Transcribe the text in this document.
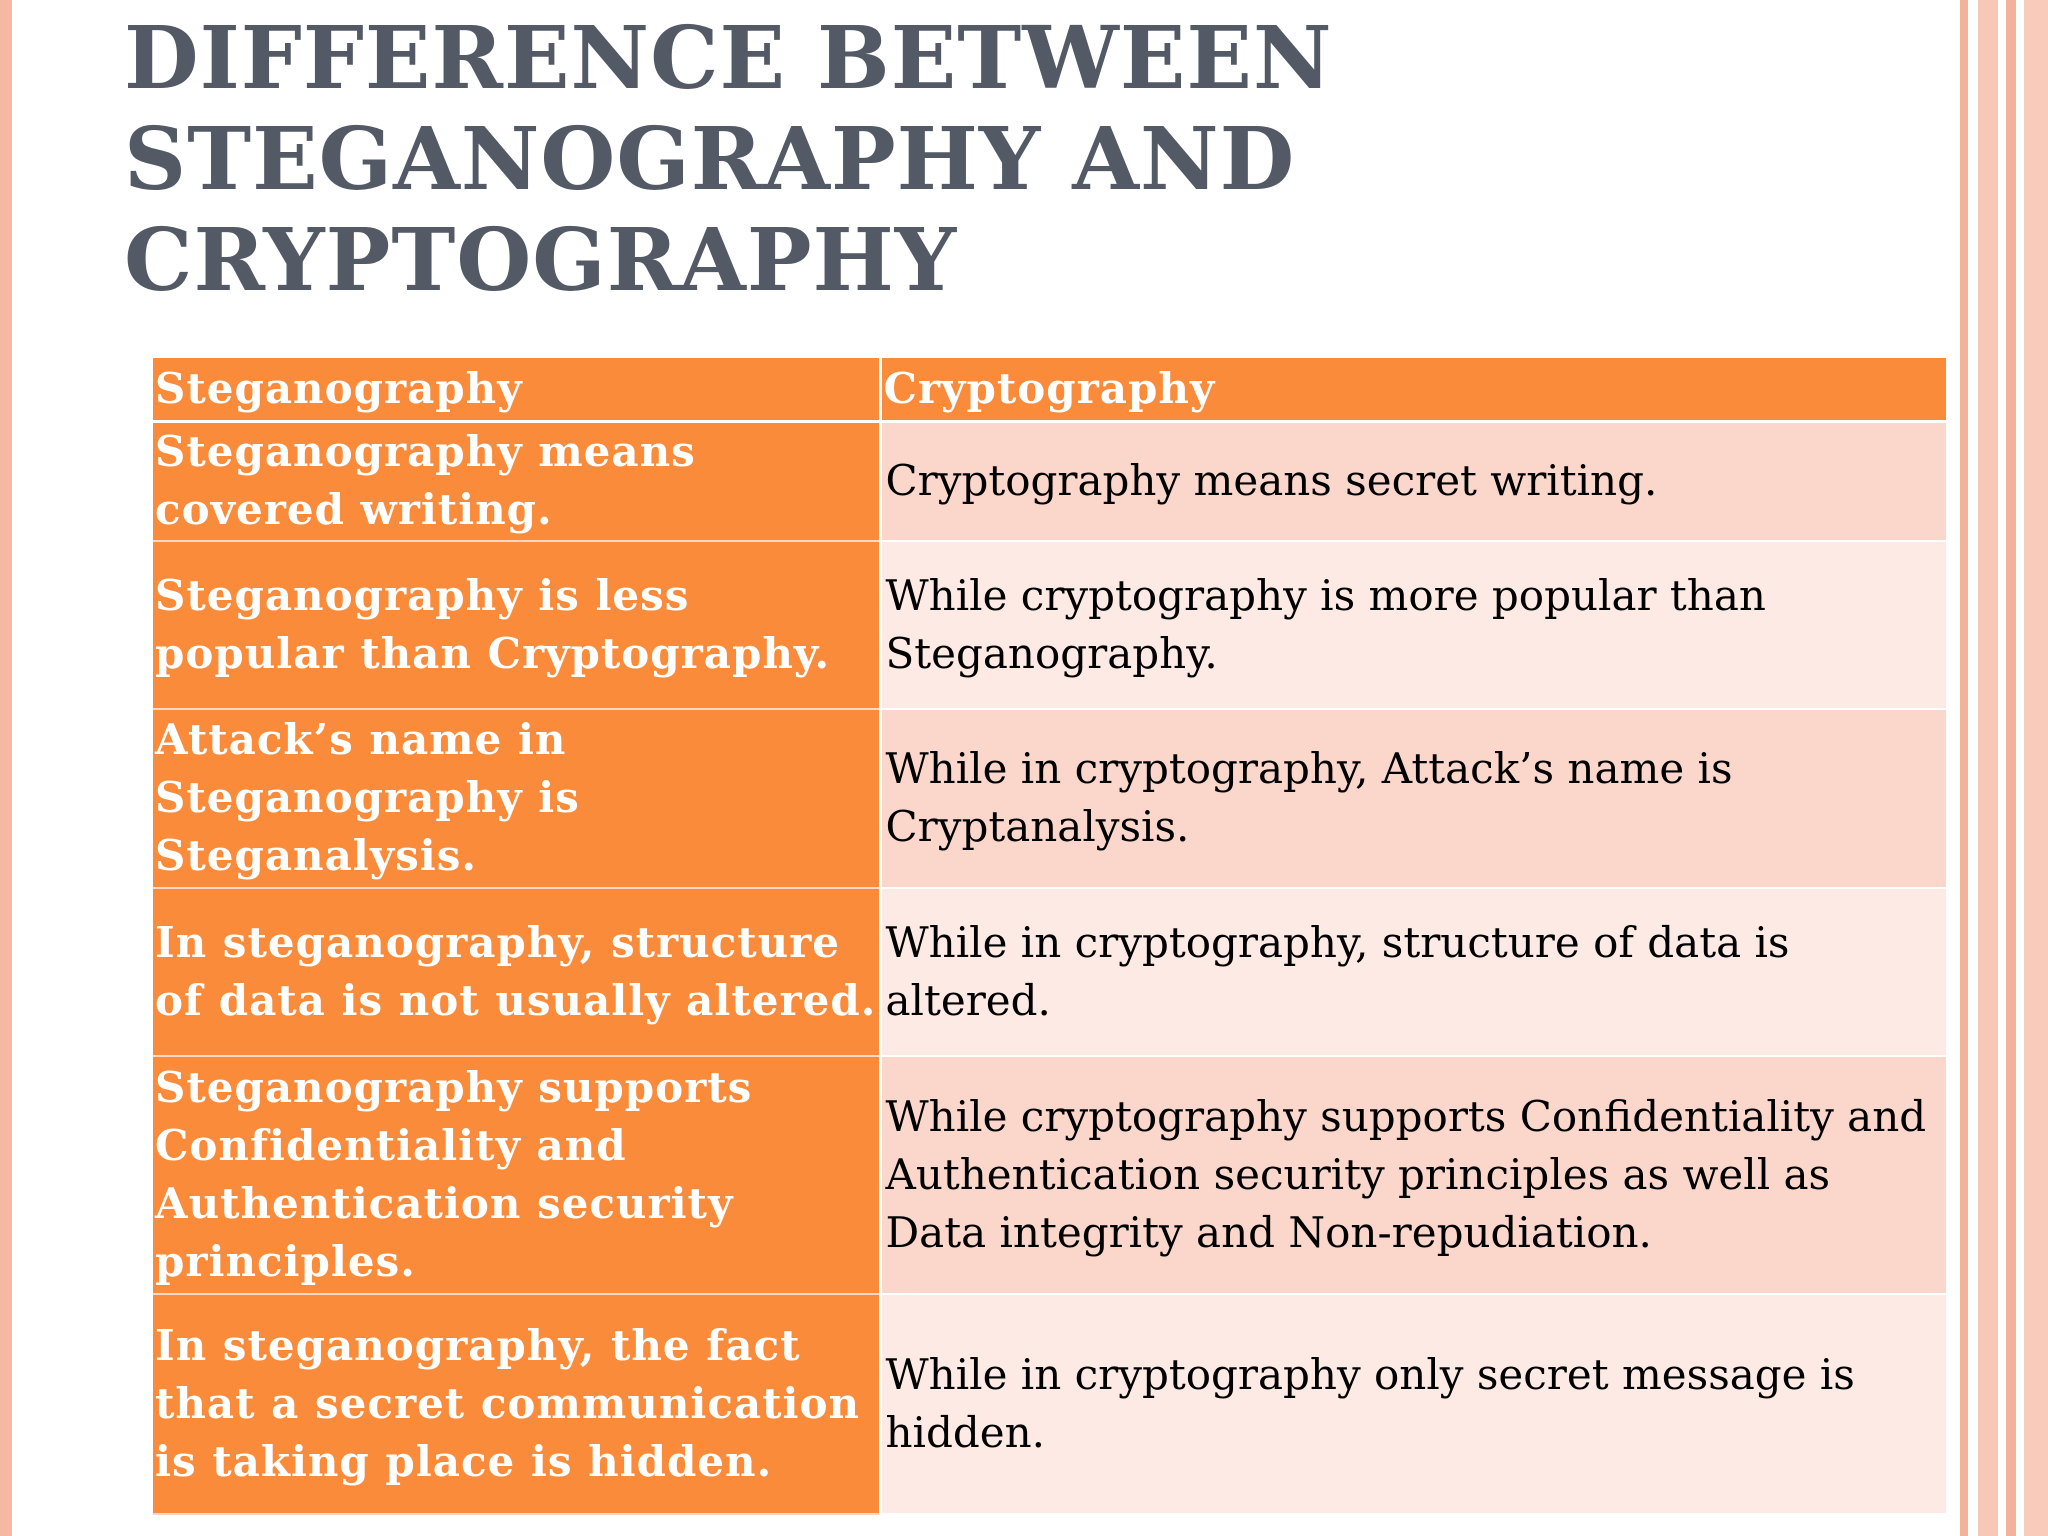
DIFFERENCE BETWEEN
STEGANOGRAPHY AND
CRYPTOGRAPHY
Steganography	Cryptography
Steganography means covered writing.	Cryptography means secret writing.
Steganography is less popular than Cryptography.	While cryptography is more popular than Steganography.
Attack’s name in Steganography is Steganalysis.	While in cryptography, Attack’s name is Cryptanalysis.
In steganography, structure of data is not usually altered.	While in cryptography, structure of data is altered.
Steganography supports Confidentiality and Authentication security principles.	While cryptography supports Confidentiality and Authentication security principles as well as Data integrity and Non-repudiation.
In steganography, the fact that a secret communication is taking place is hidden.	While in cryptography only secret message is hidden.
